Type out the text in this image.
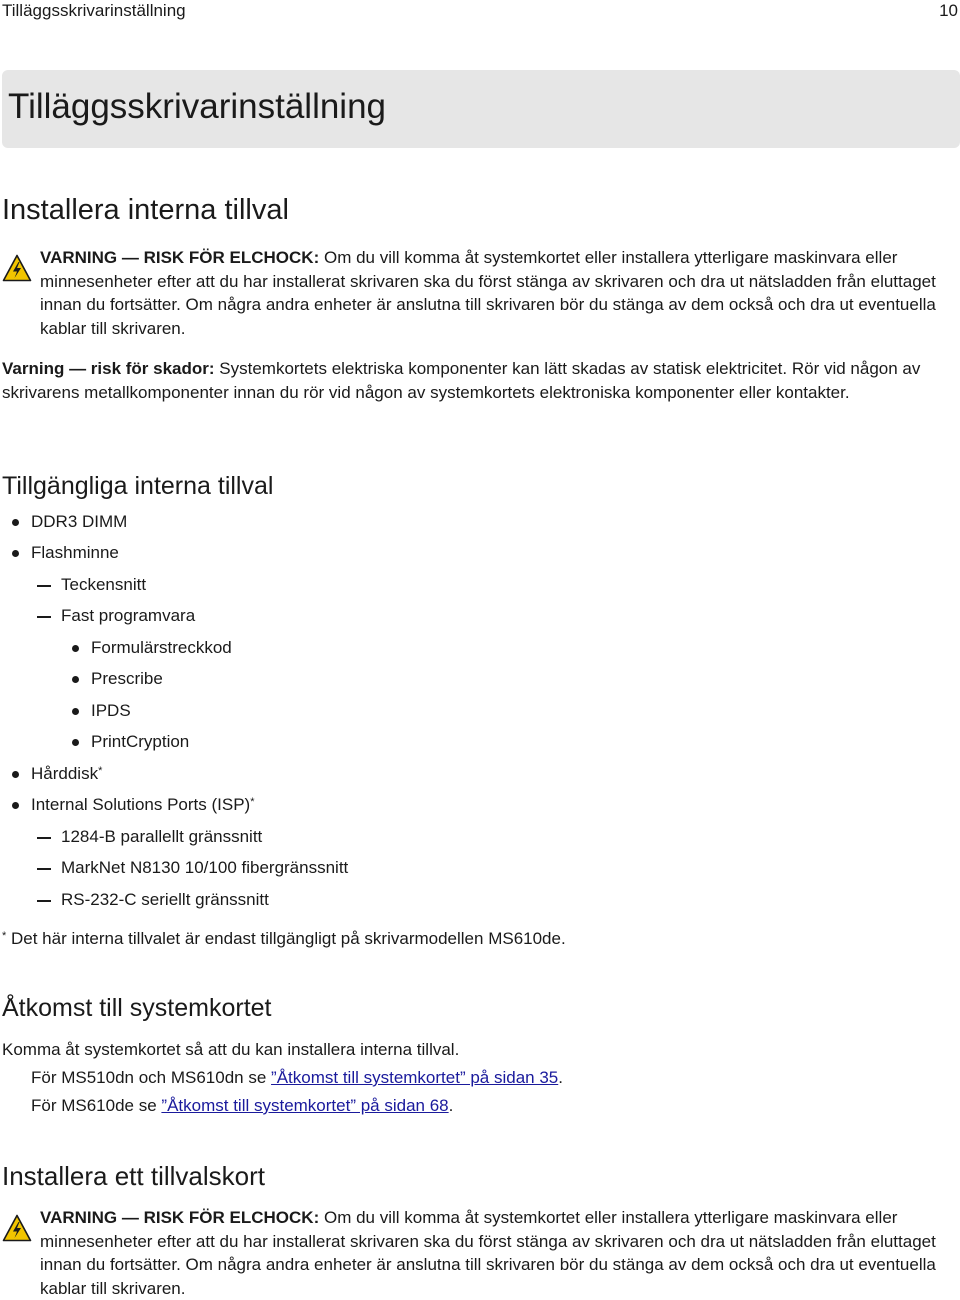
Tilläggsskrivarinställning	10
Tilläggsskrivarinställning
Installera interna tillval
VARNING — RISK FÖR ELCHOCK: Om du vill komma åt systemkortet eller installera ytterligare maskinvara eller minnesenheter efter att du har installerat skrivaren ska du först stänga av skrivaren och dra ut nätsladden från eluttaget innan du fortsätter. Om några andra enheter är anslutna till skrivaren bör du stänga av dem också och dra ut eventuella kablar till skrivaren.
Varning — risk för skador: Systemkortets elektriska komponenter kan lätt skadas av statisk elektricitet. Rör vid någon av skrivarens metallkomponenter innan du rör vid någon av systemkortets elektroniska komponenter eller kontakter.
Tillgängliga interna tillval
DDR3 DIMM
Flashminne
Teckensnitt
Fast programvara
Formulärstreckkod
Prescribe
IPDS
PrintCryption
Hårddisk*
Internal Solutions Ports (ISP)*
1284-B parallellt gränssnitt
MarkNet N8130 10/100 fibergränssnitt
RS-232-C seriellt gränssnitt
* Det här interna tillvalet är endast tillgängligt på skrivarmodellen MS610de.
Åtkomst till systemkortet
Komma åt systemkortet så att du kan installera interna tillval.
För MS510dn och MS610dn se ”Åtkomst till systemkortet” på sidan 35.
För MS610de se ”Åtkomst till systemkortet” på sidan 68.
Installera ett tillvalskort
VARNING — RISK FÖR ELCHOCK: Om du vill komma åt systemkortet eller installera ytterligare maskinvara eller minnesenheter efter att du har installerat skrivaren ska du först stänga av skrivaren och dra ut nätsladden från eluttaget innan du fortsätter. Om några andra enheter är anslutna till skrivaren bör du stänga av dem också och dra ut eventuella kablar till skrivaren.
